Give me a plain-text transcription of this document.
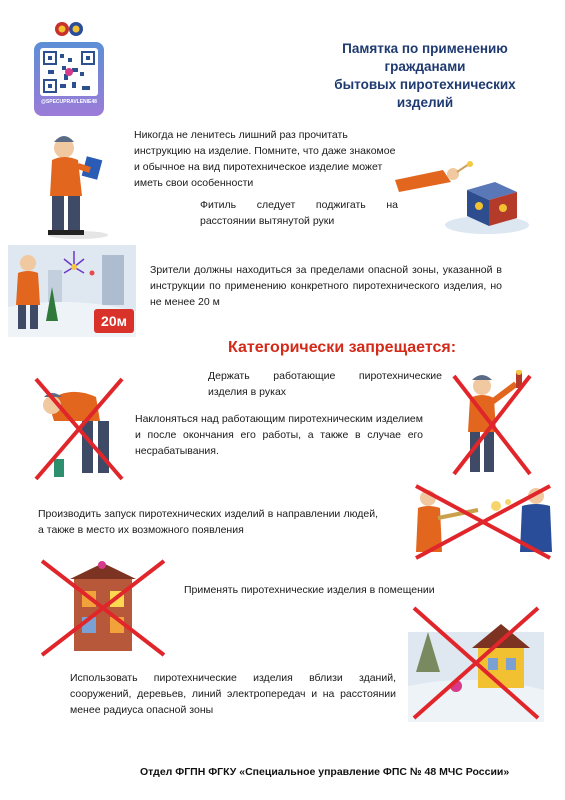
@SPECUPRAVLENIE48
Памятка по применению
гражданами
бытовых пиротехнических
изделий
Никогда не ленитесь лишний раз прочитать инструкцию на изделие. Помните, что даже знакомое и обычное на вид пиротехническое изделие может иметь свои особенности
Фитиль следует поджигать на расстоянии вытянутой руки
20м
Зрители должны находиться за пределами опасной зоны, указанной в инструкции по применению конкретного пиротехнического изделия, но не менее 20 м
Категорически запрещается:
Держать работающие пиротехнические изделия в руках
Наклоняться над работающим пиротехническим изделием и после окончания его работы, а также в случае его несрабатывания.
Производить запуск пиротехнических изделий в направлении людей, а также в место их возможного появления
Применять пиротехнические изделия в помещении
Использовать пиротехнические изделия вблизи зданий, сооружений, деревьев, линий электропередач и на расстоянии менее радиуса опасной зоны
Отдел ФГПН ФГКУ «Специальное управление ФПС № 48 МЧС России»
